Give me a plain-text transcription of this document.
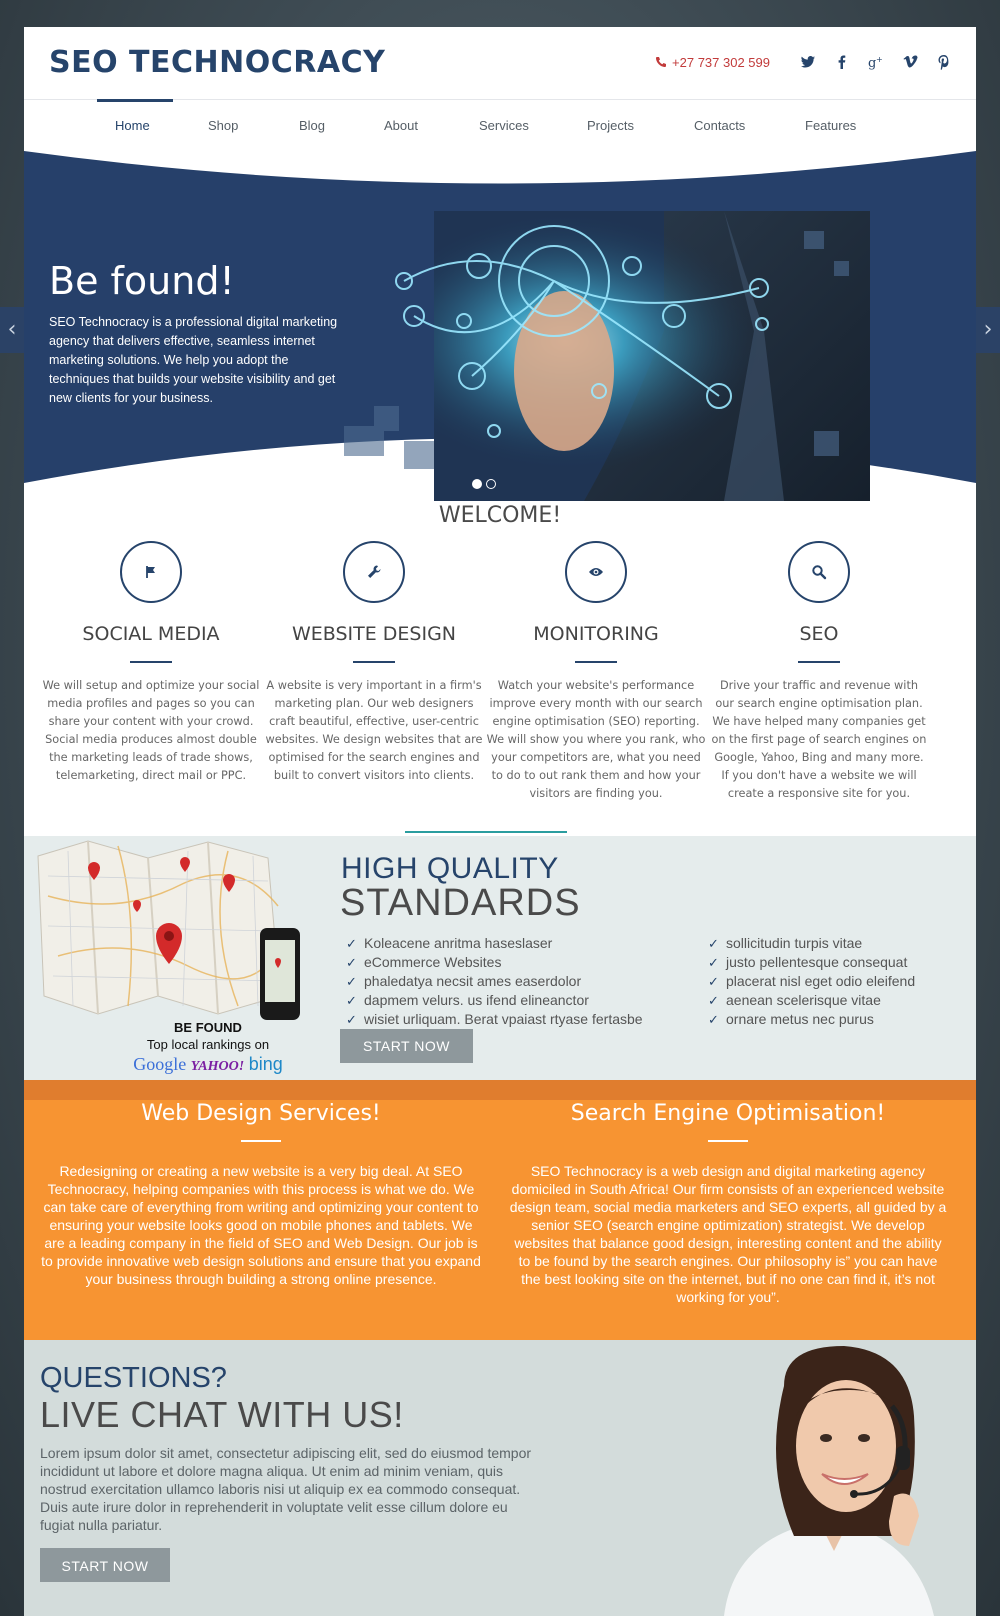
‹	›
SEO TECHNOCRACY	+27 737 302 599	g +
Home	Shop	Blog	About	Services	Projects	Contacts	Features
Be found!
SEO Technocracy is a professional digital marketing agency that delivers effective, seamless internet marketing solutions. We help you adopt the techniques that builds your website visibility and get new clients for your business.
WELCOME!
SOCIAL MEDIA

We will setup and optimize your social media profiles and pages so you can share your content with your crowd. Social media produces almost double the marketing leads of trade shows, telemarketing, direct mail or PPC.

WEBSITE DESIGN

A website is very important in a firm's marketing plan. Our web designers craft beautiful, effective, user-centric websites. We design websites that are optimised for the search engines and built to convert visitors into clients.

MONITORING

Watch your website's performance improve every month with our search engine optimisation (SEO) reporting. We will show you where you rank, who your competitors are, what you need to do to out rank them and how your visitors are finding you.

SEO

Drive your traffic and revenue with our search engine optimisation plan. We have helped many companies get on the first page of search engines on Google, Yahoo, Bing and many more. If you don't have a website we will create a responsive site for you.

BE FOUND
Top local rankings on
Google YAHOO! bing
HIGH QUALITY
STANDARDS
✓ Koleacene anritma haseslaser
✓ eCommerce Websites
✓ phaledatya necsit ames easerdolor
✓ dapmem velurs. us ifend elineanctor
✓ wisiet urliquam. Berat vpaiast rtyase fertasbe
✓ sollicitudin turpis vitae
✓ justo pellentesque consequat
✓ placerat nisl eget odio eleifend
✓ aenean scelerisque vitae
✓ ornare metus nec purus
START NOW
Web Design Services!

Redesigning or creating a new website is a very big deal. At SEO Technocracy, helping companies with this process is what we do. We can take care of everything from writing and optimizing your content to ensuring your website looks good on mobile phones and tablets. We are a leading company in the field of SEO and Web Design. Our job is to provide innovative web design solutions and ensure that you expand your business through building a strong online presence.

Search Engine Optimisation!

SEO Technocracy is a web design and digital marketing agency domiciled in South Africa! Our firm consists of an experienced website design team, social media marketers and SEO experts, all guided by a senior SEO (search engine optimization) strategist. We develop websites that balance good design, interesting content and the ability to be found by the search engines. Our philosophy is” you can have the best looking site on the internet, but if no one can find it, it’s not working for you”.

QUESTIONS?
LIVE CHAT WITH US!
Lorem ipsum dolor sit amet, consectetur adipiscing elit, sed do eiusmod tempor incididunt ut labore et dolore magna aliqua. Ut enim ad minim veniam, quis nostrud exercitation ullamco laboris nisi ut aliquip ex ea commodo consequat. Duis aute irure dolor in reprehenderit in voluptate velit esse cillum dolore eu fugiat nulla pariatur.
START NOW
